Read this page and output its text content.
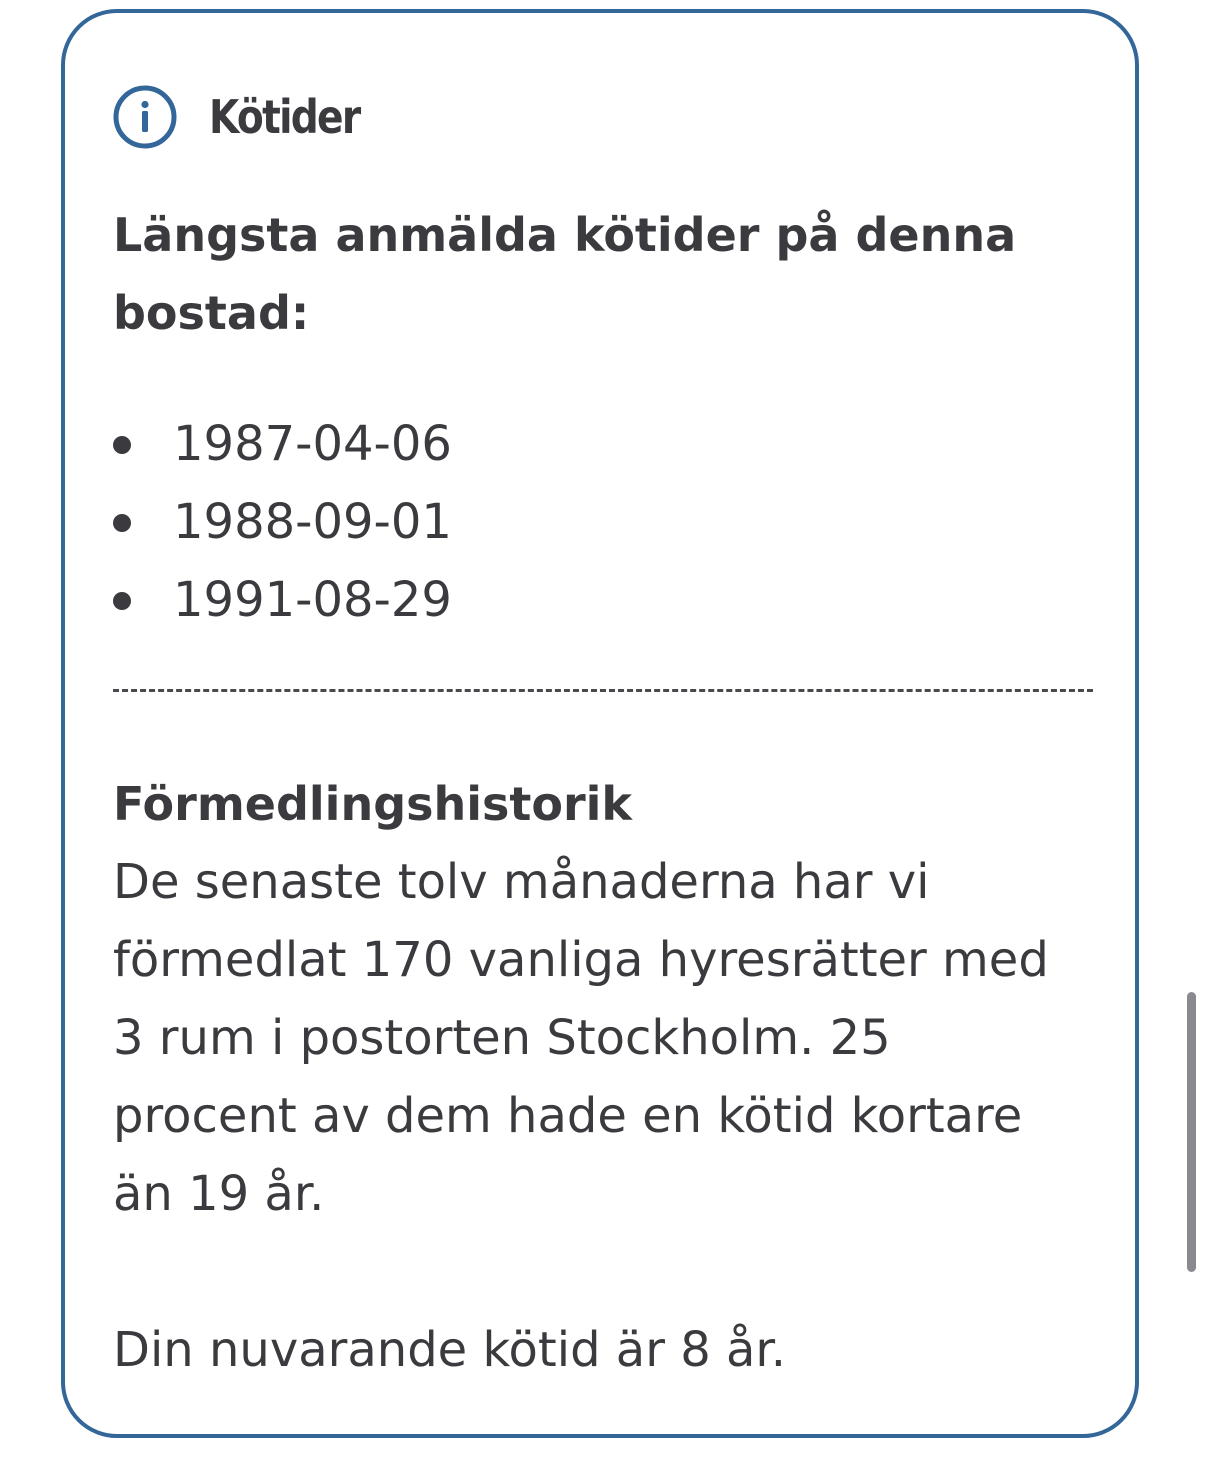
Kötider

Längsta anmälda kötider på denna bostad:

1987-04-06
1988-09-01
1991-08-29
Förmedlingshistorik

De senaste tolv månaderna har vi
förmedlat 170 vanliga hyresrätter med
3 rum i postorten Stockholm. 25
procent av dem hade en kötid kortare
än 19 år.

Din nuvarande kötid är 8 år.
